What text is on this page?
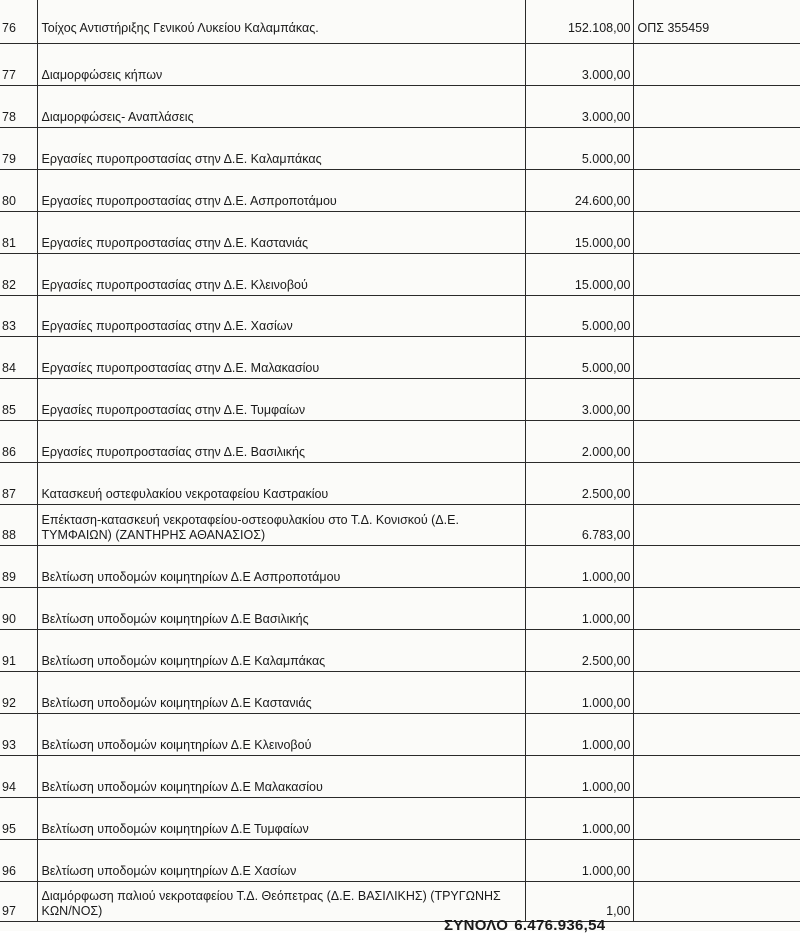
76	Τοίχος Αντιστήριξης Γενικού Λυκείου Καλαμπάκας.	152.108,00	ΟΠΣ 355459
77	Διαμορφώσεις κήπων	3.000,00	
78	Διαμορφώσεις- Αναπλάσεις	3.000,00	
79	Εργασίες πυροπροστασίας στην Δ.Ε. Καλαμπάκας	5.000,00	
80	Εργασίες πυροπροστασίας στην Δ.Ε. Ασπροποτάμου	24.600,00	
81	Εργασίες πυροπροστασίας στην Δ.Ε. Καστανιάς	15.000,00	
82	Εργασίες πυροπροστασίας στην Δ.Ε. Κλεινοβού	15.000,00	
83	Εργασίες πυροπροστασίας στην Δ.Ε. Χασίων	5.000,00	
84	Εργασίες πυροπροστασίας στην Δ.Ε. Μαλακασίου	5.000,00	
85	Εργασίες πυροπροστασίας στην Δ.Ε. Τυμφαίων	3.000,00	
86	Εργασίες πυροπροστασίας στην Δ.Ε. Βασιλικής	2.000,00	
87	Κατασκευή οστεφυλακίου νεκροταφείου Καστρακίου	2.500,00	
88	Επέκταση-κατασκευή νεκροταφείου-οστεοφυλακίου στο Τ.Δ. Κονισκού (Δ.Ε. ΤΥΜΦΑΙΩΝ) (ΖΑΝΤΗΡΗΣ ΑΘΑΝΑΣΙΟΣ)	6.783,00	
89	Βελτίωση υποδομών κοιμητηρίων Δ.Ε Ασπροποτάμου	1.000,00	
90	Βελτίωση υποδομών κοιμητηρίων Δ.Ε Βασιλικής	1.000,00	
91	Βελτίωση υποδομών κοιμητηρίων Δ.Ε Καλαμπάκας	2.500,00	
92	Βελτίωση υποδομών κοιμητηρίων Δ.Ε Καστανιάς	1.000,00	
93	Βελτίωση υποδομών κοιμητηρίων Δ.Ε Κλεινοβού	1.000,00	
94	Βελτίωση υποδομών κοιμητηρίων Δ.Ε Μαλακασίου	1.000,00	
95	Βελτίωση υποδομών κοιμητηρίων Δ.Ε Τυμφαίων	1.000,00	
96	Βελτίωση υποδομών κοιμητηρίων Δ.Ε Χασίων	1.000,00	
97	Διαμόρφωση παλιού νεκροταφείου Τ.Δ. Θεόπετρας (Δ.Ε. ΒΑΣΙΛΙΚΗΣ) (ΤΡΥΓΩΝΗΣ ΚΩΝ/ΝΟΣ)	1,00	
ΣΥΝΟΛΟ 6.476.936,54
